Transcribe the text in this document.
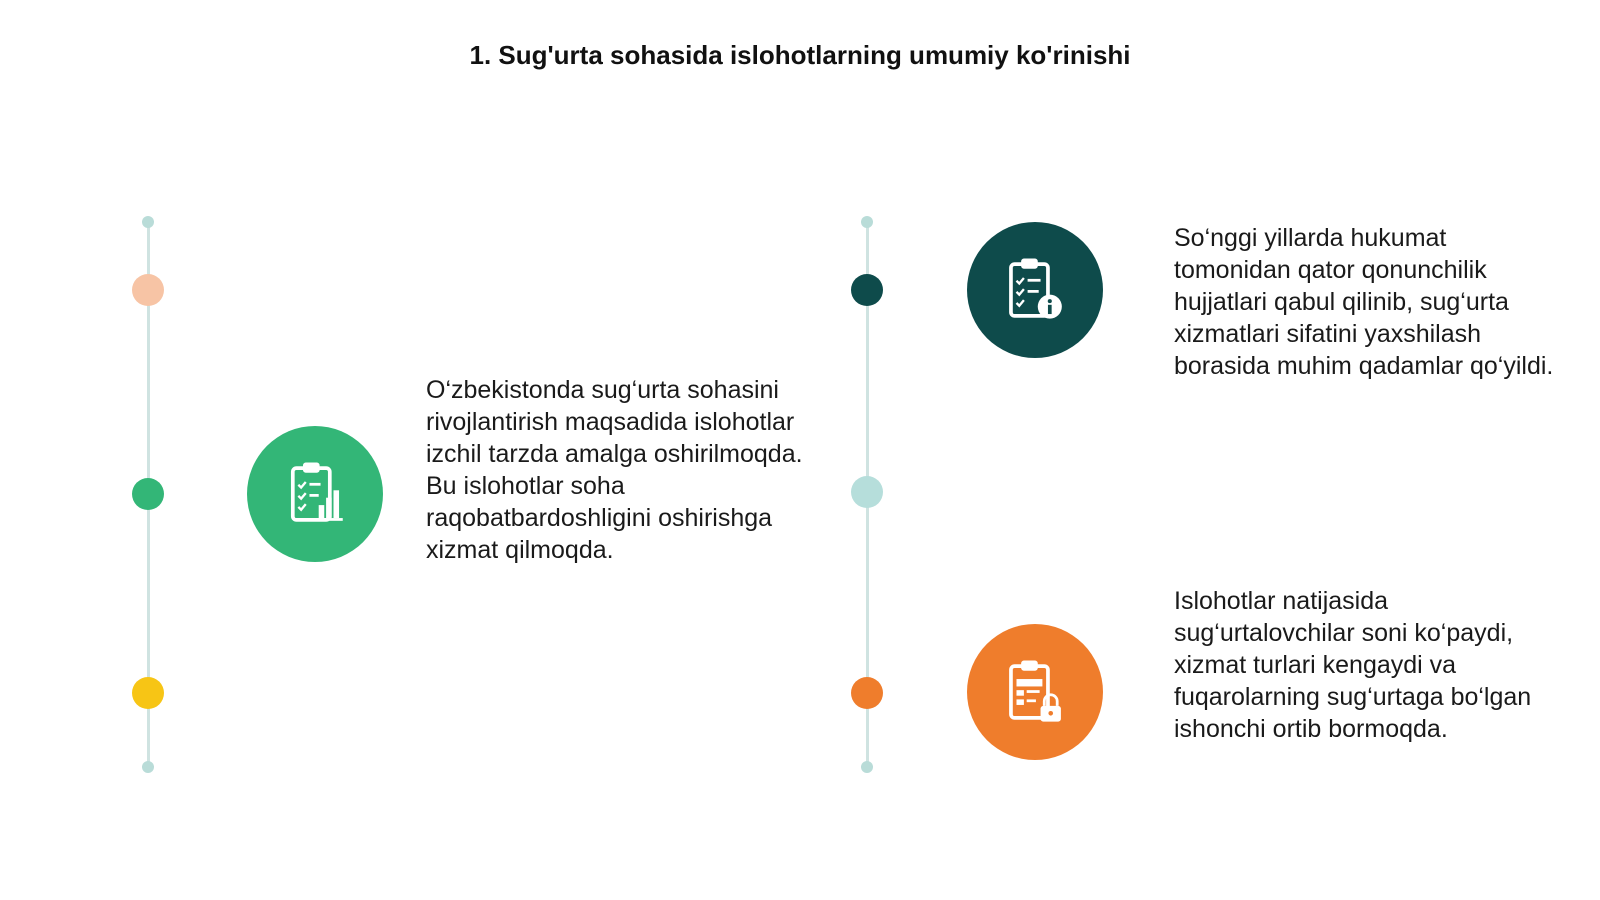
1. Sug'urta sohasida islohotlarning umumiy ko'rinishi

O‘zbekistonda sug‘urta sohasini rivojlantirish maqsadida islohotlar izchil tarzda amalga oshirilmoqda. Bu islohotlar soha raqobatbardoshligini oshirishga xizmat qilmoqda.

So‘nggi yillarda hukumat tomonidan qator qonunchilik hujjatlari qabul qilinib, sug‘urta xizmatlari sifatini yaxshilash borasida muhim qadamlar qo‘yildi.

Islohotlar natijasida sug‘urtalovchilar soni ko‘paydi, xizmat turlari kengaydi va fuqarolarning sug‘urtaga bo‘lgan ishonchi ortib bormoqda.
